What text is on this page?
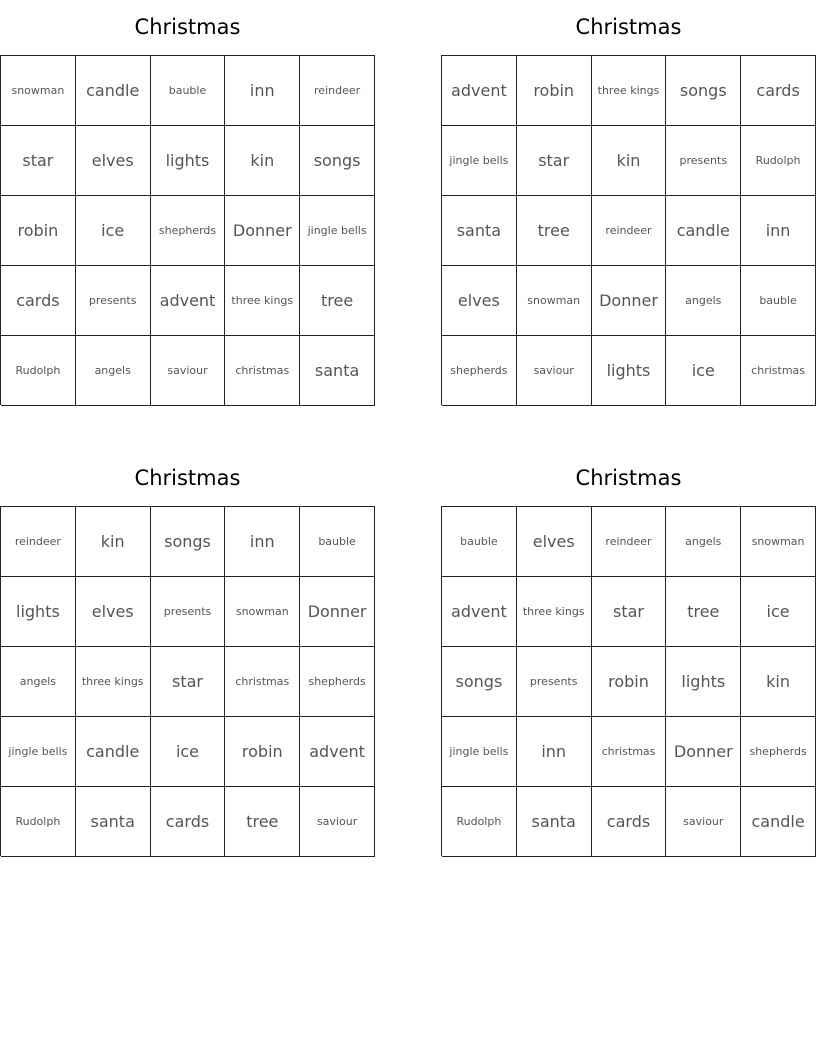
Christmas
snowman	candle	bauble	inn	reindeer
star	elves	lights	kin	songs
robin	ice	shepherds	Donner	jingle bells
cards	presents	advent	three kings	tree
Rudolph	angels	saviour	christmas	santa
Christmas
advent	robin	three kings	songs	cards
jingle bells	star	kin	presents	Rudolph
santa	tree	reindeer	candle	inn
elves	snowman	Donner	angels	bauble
shepherds	saviour	lights	ice	christmas
Christmas
reindeer	kin	songs	inn	bauble
lights	elves	presents	snowman	Donner
angels	three kings	star	christmas	shepherds
jingle bells	candle	ice	robin	advent
Rudolph	santa	cards	tree	saviour
Christmas
bauble	elves	reindeer	angels	snowman
advent	three kings	star	tree	ice
songs	presents	robin	lights	kin
jingle bells	inn	christmas	Donner	shepherds
Rudolph	santa	cards	saviour	candle
